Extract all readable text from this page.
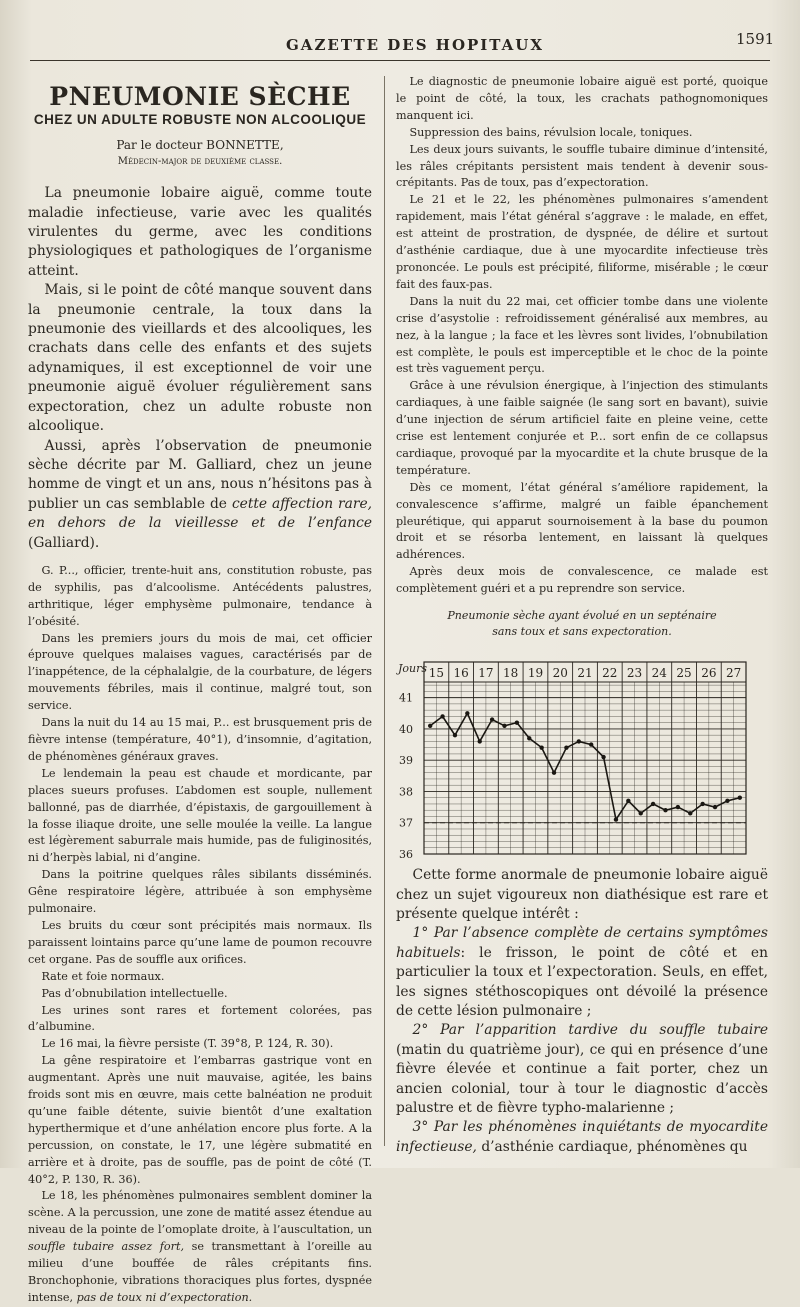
GAZETTE DES HOPITAUX	1591
PNEUMONIE SÈCHE
CHEZ UN ADULTE ROBUSTE NON ALCOOLIQUE
Par le docteur BONNETTE,
Médecin-major de deuxième classe.

La pneumonie lobaire aiguë, comme toute maladie infectieuse, varie avec les qualités virulentes du germe, avec les conditions physiologiques et pathologiques de l’organisme atteint.

Mais, si le point de côté manque souvent dans la pneumonie centrale, la toux dans la pneumonie des vieillards et des alcooliques, les crachats dans celle des enfants et des sujets adynamiques, il est exceptionnel de voir une pneumonie aiguë évoluer régulièrement sans expectoration, chez un adulte robuste non alcoolique.

Aussi, après l’observation de pneumonie sèche décrite par M. Galliard, chez un jeune homme de vingt et un ans, nous n’hésitons pas à publier un cas semblable de cette affection rare, en dehors de la vieillesse et de l’enfance (Galliard).

G. P..., officier, trente-huit ans, constitution robuste, pas de syphilis, pas d’alcoolisme. Antécédents palustres, arthritique, léger emphysème pulmonaire, tendance à l’obésité.

Dans les premiers jours du mois de mai, cet officier éprouve quelques malaises vagues, caractérisés par de l’inappétence, de la céphalalgie, de la courbature, de légers mouvements fébriles, mais il continue, malgré tout, son service.

Dans la nuit du 14 au 15 mai, P... est brusquement pris de fièvre intense (température, 40°1), d’insomnie, d’agitation, de phénomènes généraux graves.

Le lendemain la peau est chaude et mordicante, par places sueurs profuses. L’abdomen est souple, nullement ballonné, pas de diarrhée, d’épistaxis, de gargouillement à la fosse iliaque droite, une selle moulée la veille. La langue est légèrement saburrale mais humide, pas de fuliginosités, ni d’herpès labial, ni d’angine.

Dans la poitrine quelques râles sibilants disséminés. Gêne respiratoire légère, attribuée à son emphysème pulmonaire.

Les bruits du cœur sont précipités mais normaux. Ils paraissent lointains parce qu’une lame de poumon recouvre cet organe. Pas de souffle aux orifices.

Rate et foie normaux.

Pas d’obnubilation intellectuelle.

Les urines sont rares et fortement colorées, pas d’albumine.

Le 16 mai, la fièvre persiste (T. 39°8, P. 124, R. 30).

La gêne respiratoire et l’embarras gastrique vont en augmentant. Après une nuit mauvaise, agitée, les bains froids sont mis en œuvre, mais cette balnéation ne produit qu’une faible détente, suivie bientôt d’une exaltation hyperthermique et d’une anhélation encore plus forte. A la percussion, on constate, le 17, une légère submatité en arrière et à droite, pas de souffle, pas de point de côté (T. 40°2, P. 130, R. 36).

Le 18, les phénomènes pulmonaires semblent dominer la scène. A la percussion, une zone de matité assez étendue au niveau de la pointe de l’omoplate droite, à l’auscultation, un souffle tubaire assez fort, se transmettant à l’oreille au milieu d’une bouffée de râles crépitants fins. Bronchophonie, vibrations thoraciques plus fortes, dyspnée intense, pas de toux ni d’expectoration.

Le diagnostic de pneumonie lobaire aiguë est porté, quoique le point de côté, la toux, les crachats pathognomoniques manquent ici.

Suppression des bains, révulsion locale, toniques.

Les deux jours suivants, le souffle tubaire diminue d’intensité, les râles crépitants persistent mais tendent à devenir sous-crépitants. Pas de toux, pas d’expectoration.

Le 21 et le 22, les phénomènes pulmonaires s’amendent rapidement, mais l’état général s’aggrave : le malade, en effet, est atteint de prostration, de dyspnée, de délire et surtout d’asthénie cardiaque, due à une myocardite infectieuse très prononcée. Le pouls est précipité, filiforme, misérable ; le cœur fait des faux-pas.

Dans la nuit du 22 mai, cet officier tombe dans une violente crise d’asystolie : refroidissement généralisé aux membres, au nez, à la langue ; la face et les lèvres sont livides, l’obnubilation est complète, le pouls est imperceptible et le choc de la pointe est très vaguement perçu.

Grâce à une révulsion énergique, à l’injection des stimulants cardiaques, à une faible saignée (le sang sort en bavant), suivie d’une injection de sérum artificiel faite en pleine veine, cette crise est lentement conjurée et P... sort enfin de ce collapsus cardiaque, provoqué par la myocardite et la chute brusque de la température.

Dès ce moment, l’état général s’améliore rapidement, la convalescence s’affirme, malgré un faible épanchement pleurétique, qui apparut sournoisement à la base du poumon droit et se résorba lentement, en laissant là quelques adhérences.

Après deux mois de convalescence, ce malade est complètement guéri et a pu reprendre son service.

Pneumonie sèche ayant évolué en un septénaire
sans toux et sans expectoration.
15 16 17 18 19 20 21 22 23 24 25 26 27
Jours
41
40
39
38
37
36

Cette forme anormale de pneumonie lobaire aiguë chez un sujet vigoureux non diathésique est rare et présente quelque intérêt :

1° Par l’absence complète de certains symptômes habituels: le frisson, le point de côté et en particulier la toux et l’expectoration. Seuls, en effet, les signes stéthoscopiques ont dévoilé la présence de cette lésion pulmonaire ;

2° Par l’apparition tardive du souffle tubaire (matin du quatrième jour), ce qui en présence d’une fièvre élevée et continue a fait porter, chez un ancien colonial, tour à tour le diagnostic d’accès palustre et de fièvre typho-malarienne ;

3° Par les phénomènes inquiétants de myocardite infectieuse, d’asthénie cardiaque, phénomènes qu
